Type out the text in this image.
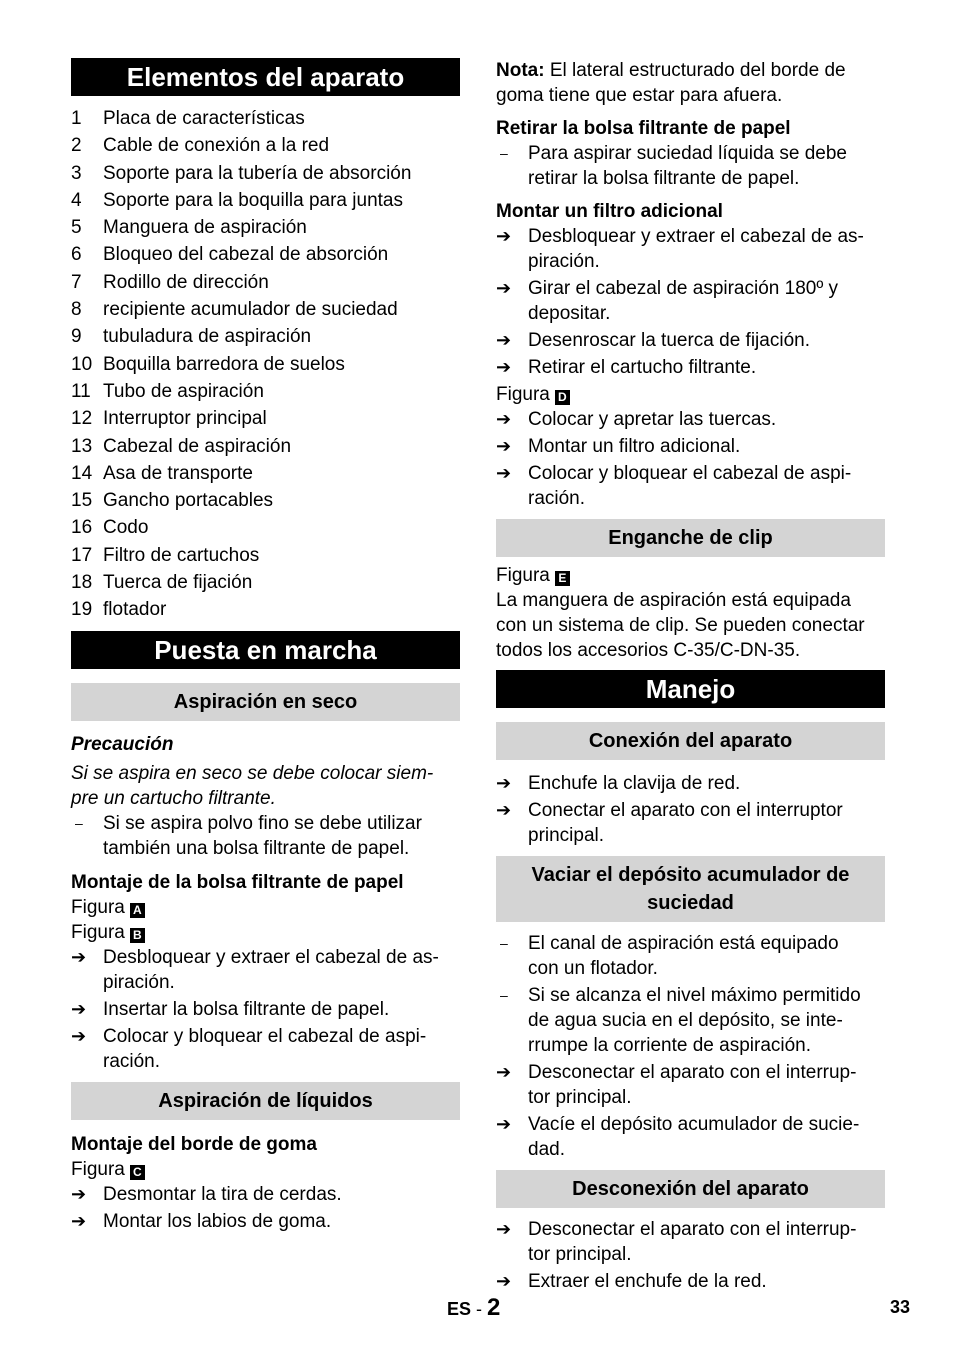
Elementos del aparato
1	Placa de características
2	Cable de conexión a la red
3	Soporte para la tubería de absorción
4	Soporte para la boquilla para juntas
5	Manguera de aspiración
6	Bloqueo del cabezal de absorción
7	Rodillo de dirección
8	recipiente acumulador de suciedad
9	tubuladura de aspiración
10 Boquilla barredora de suelos
11 Tubo de aspiración
12 Interruptor principal
13 Cabezal de aspiración
14 Asa de transporte
15 Gancho portacables
16 Codo
17 Filtro de cartuchos
18 Tuerca de fijación
19 flotador
Puesta en marcha
Aspiración en seco

Precaución

Si se aspira en seco se debe colocar siem-

pre un cartucho filtrante.

–	Si se aspira polvo fino se debe utilizar
también una bolsa filtrante de papel.

Montaje de la bolsa filtrante de papel

Figura A

Figura B

➔ Desbloquear y extraer el cabezal de as-
piración.
➔ Insertar la bolsa filtrante de papel.
➔ Colocar y bloquear el cabezal de aspi-
ración.
Aspiración de líquidos

Montaje del borde de goma

Figura C

➔ Desmontar la tira de cerdas.
➔ Montar los labios de goma.

Nota: El lateral estructurado del borde de

goma tiene que estar para afuera.

Retirar la bolsa filtrante de papel

–	Para aspirar suciedad líquida se debe
retirar la bolsa filtrante de papel.

Montar un filtro adicional

➔ Desbloquear y extraer el cabezal de as-
piración.
➔ Girar el cabezal de aspiración 180º y
depositar.
➔ Desenroscar la tuerca de fijación.
➔ Retirar el cartucho filtrante.

Figura D

➔ Colocar y apretar las tuercas.
➔ Montar un filtro adicional.
➔ Colocar y bloquear el cabezal de aspi-
ración.
Enganche de clip

Figura E

La manguera de aspiración está equipada

con un sistema de clip. Se pueden conectar

todos los accesorios C-35/C-DN-35.

Manejo
Conexión del aparato
➔ Enchufe la clavija de red.
➔ Conectar el aparato con el interruptor
principal.
Vaciar el depósito acumulador de
suciedad
–	El canal de aspiración está equipado
con un flotador.
–	Si se alcanza el nivel máximo permitido
de agua sucia en el depósito, se inte-
rrumpe la corriente de aspiración.
➔ Desconectar el aparato con el interrup-
tor principal.
➔ Vacíe el depósito acumulador de sucie-
dad.
Desconexión del aparato
➔ Desconectar el aparato con el interrup-
tor principal.
➔ Extraer el enchufe de la red.
ES - 2	33
